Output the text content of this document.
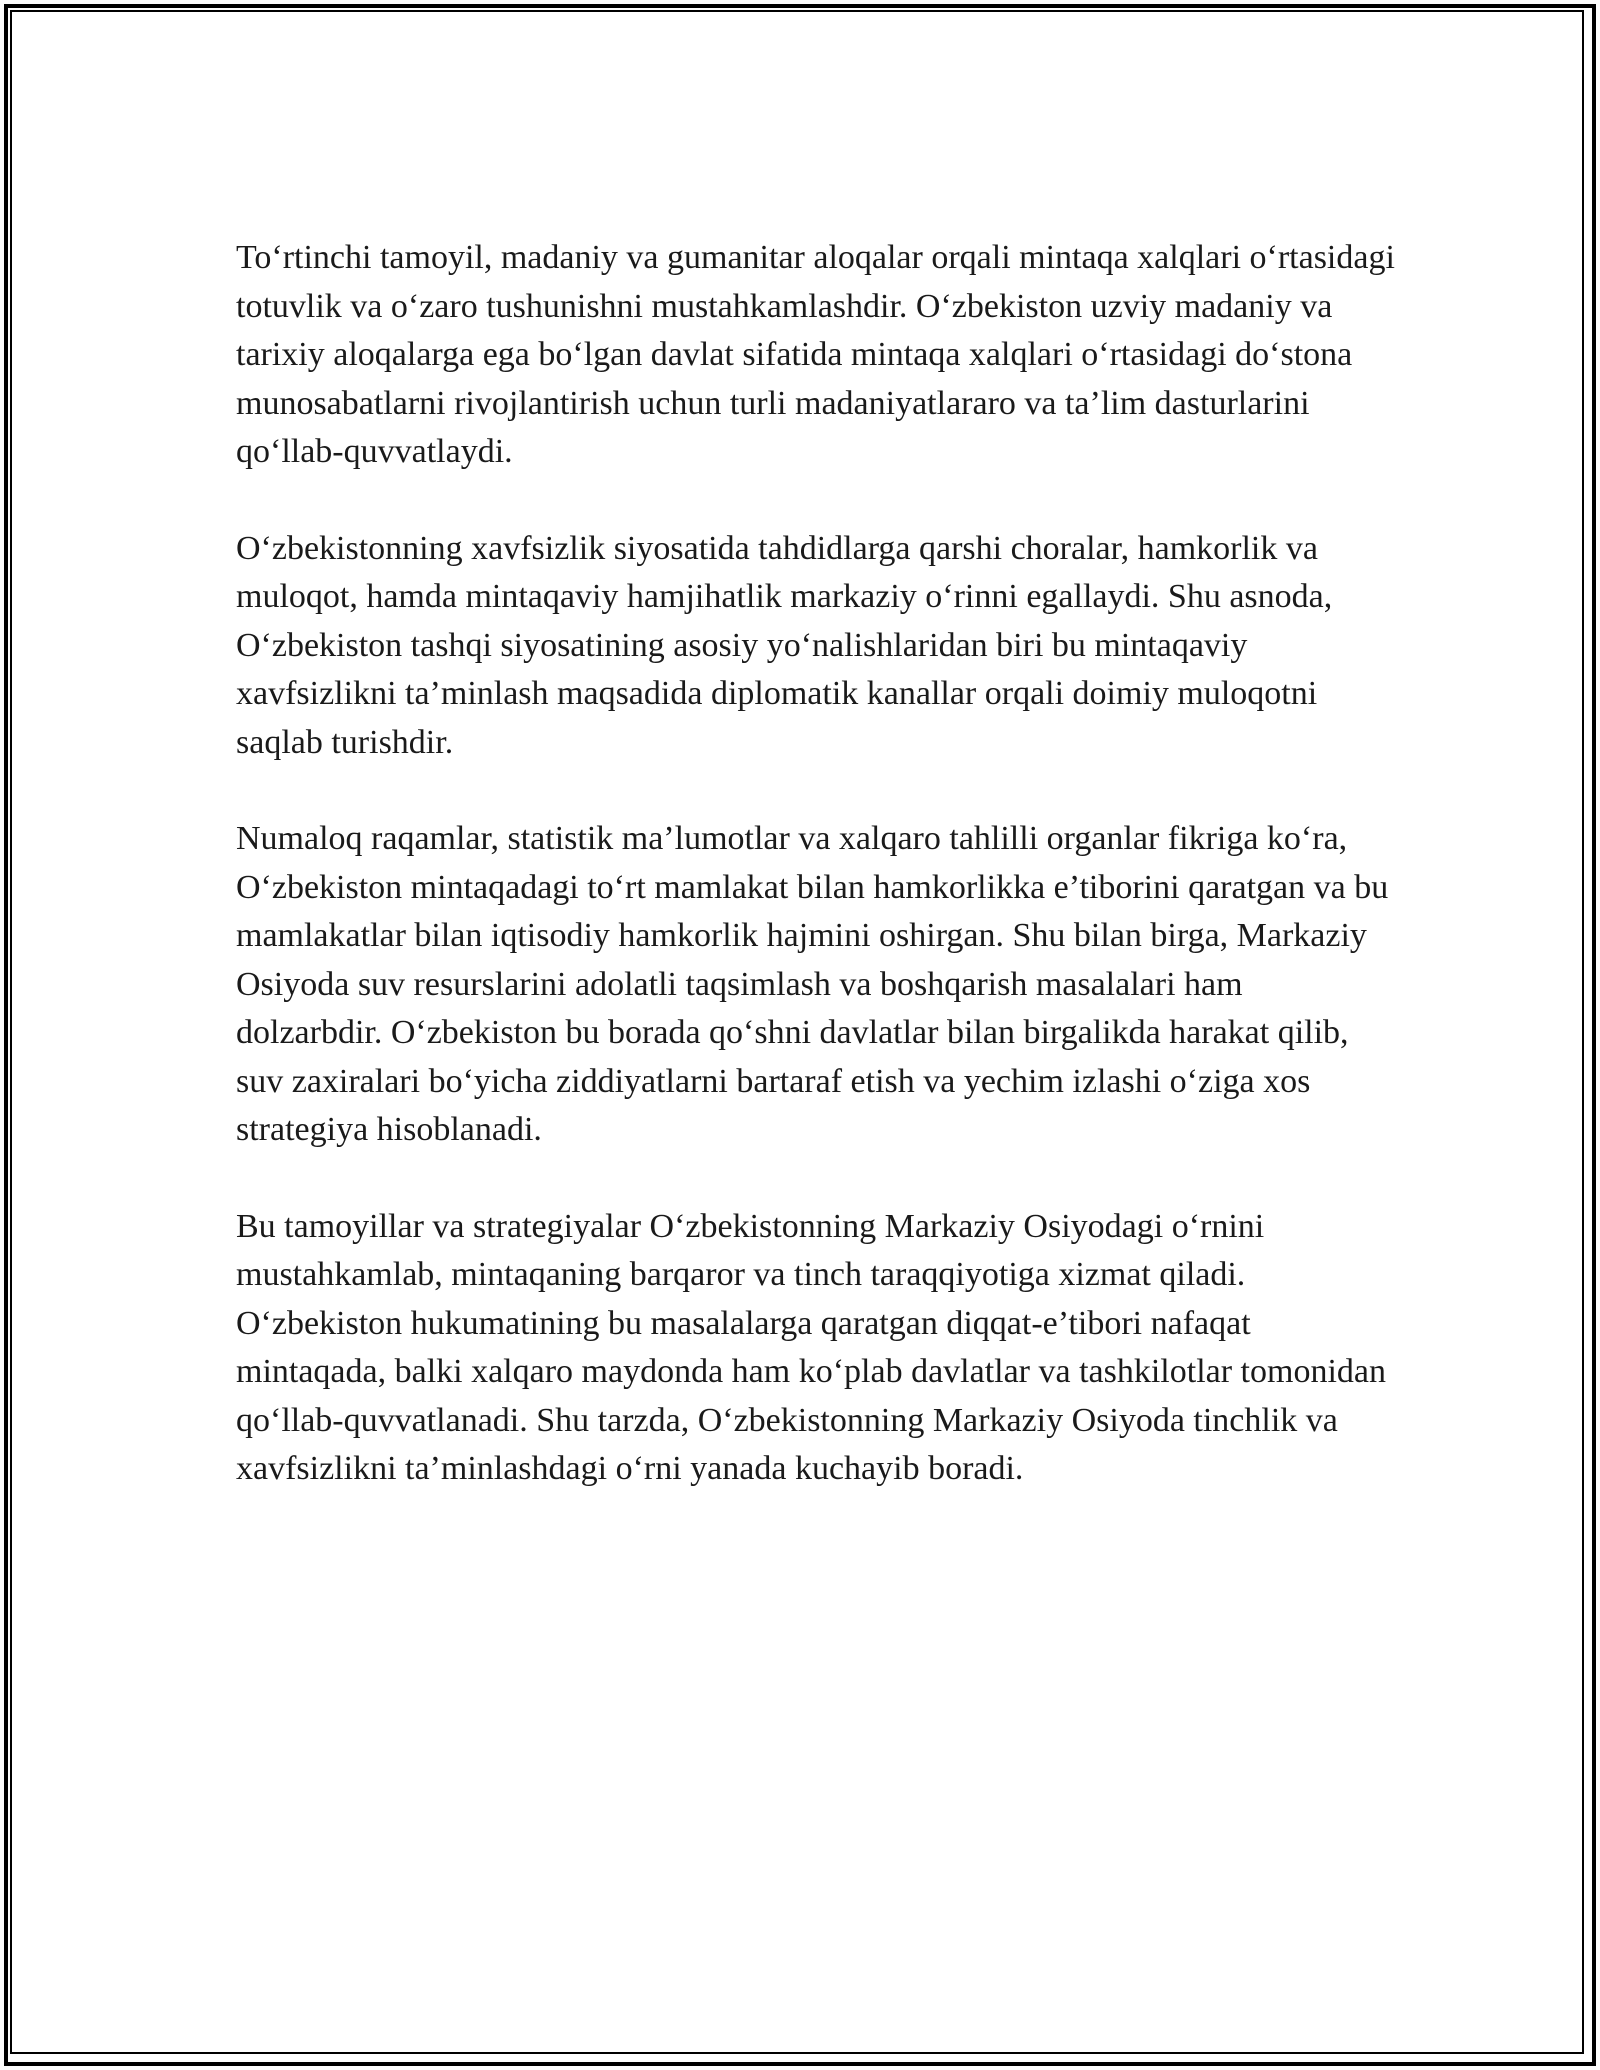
To‘rtinchi tamoyil, madaniy va gumanitar aloqalar orqali mintaqa xalqlari o‘rtasidagi totuvlik va o‘zaro tushunishni mustahkamlashdir. O‘zbekiston uzviy madaniy va tarixiy aloqalarga ega bo‘lgan davlat sifatida mintaqa xalqlari o‘rtasidagi do‘stona munosabatlarni rivojlantirish uchun turli madaniyatlararo va ta’lim dasturlarini qo‘llab-quvvatlaydi.

O‘zbekistonning xavfsizlik siyosatida tahdidlarga qarshi choralar, hamkorlik va muloqot, hamda mintaqaviy hamjihatlik markaziy o‘rinni egallaydi. Shu asnoda, O‘zbekiston tashqi siyosatining asosiy yo‘nalishlaridan biri bu mintaqaviy xavfsizlikni ta’minlash maqsadida diplomatik kanallar orqali doimiy muloqotni saqlab turishdir.

Numaloq raqamlar, statistik ma’lumotlar va xalqaro tahlilli organlar fikriga ko‘ra, O‘zbekiston mintaqadagi to‘rt mamlakat bilan hamkorlikka e’tiborini qaratgan va bu mamlakatlar bilan iqtisodiy hamkorlik hajmini oshirgan. Shu bilan birga, Markaziy Osiyoda suv resurslarini adolatli taqsimlash va boshqarish masalalari ham dolzarbdir. O‘zbekiston bu borada qo‘shni davlatlar bilan birgalikda harakat qilib, suv zaxiralari bo‘yicha ziddiyatlarni bartaraf etish va yechim izlashi o‘ziga xos strategiya hisoblanadi.

Bu tamoyillar va strategiyalar O‘zbekistonning Markaziy Osiyodagi o‘rnini mustahkamlab, mintaqaning barqaror va tinch taraqqiyotiga xizmat qiladi. O‘zbekiston hukumatining bu masalalarga qaratgan diqqat-e’tibori nafaqat mintaqada, balki xalqaro maydonda ham ko‘plab davlatlar va tashkilotlar tomonidan qo‘llab-quvvatlanadi. Shu tarzda, O‘zbekistonning Markaziy Osiyoda tinchlik va xavfsizlikni ta’minlashdagi o‘rni yanada kuchayib boradi.
